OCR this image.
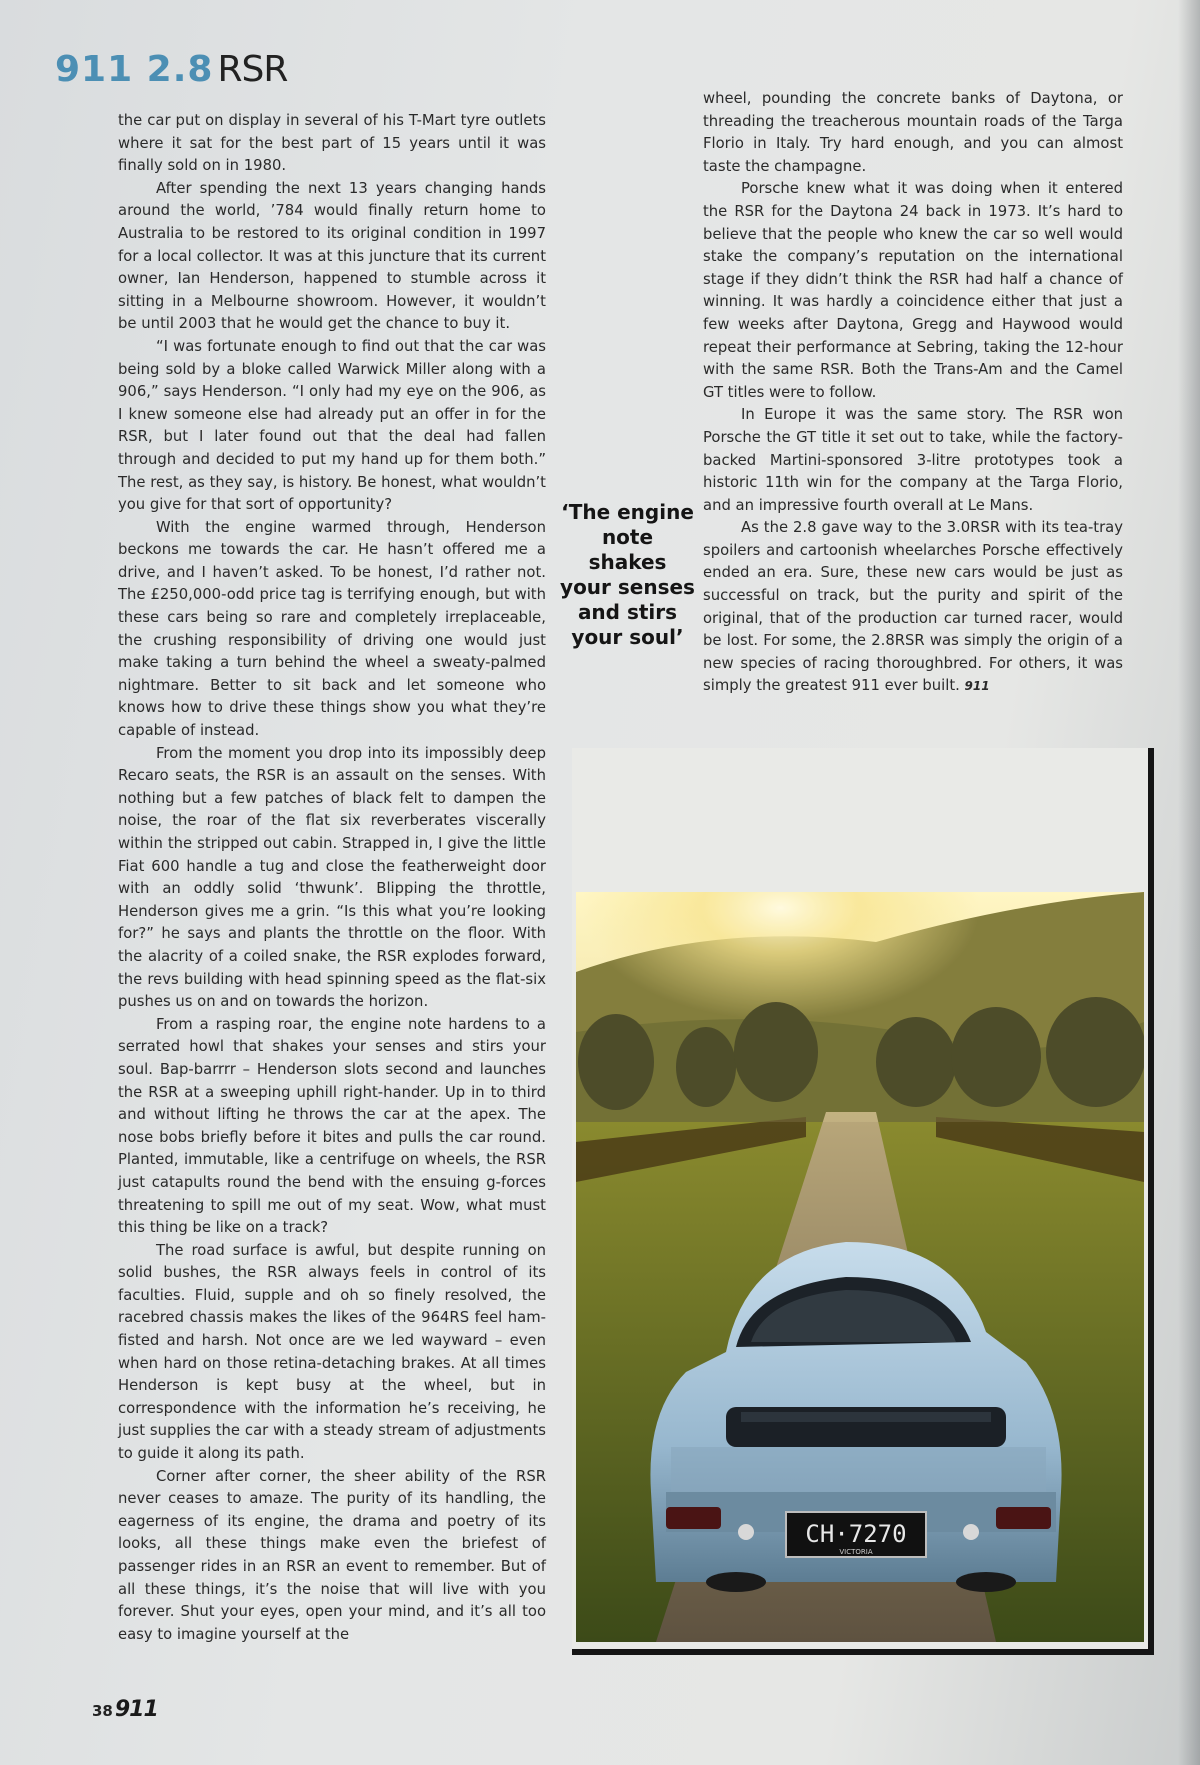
911 2.8 RSR

the car put on display in several of his T-Mart tyre outlets where it sat for the best part of 15 years until it was finally sold on in 1980.

After spending the next 13 years changing hands around the world, ’784 would finally return home to Australia to be restored to its original condition in 1997 for a local collector. It was at this juncture that its current owner, Ian Henderson, happened to stumble across it sitting in a Melbourne showroom. However, it wouldn’t be until 2003 that he would get the chance to buy it.

“I was fortunate enough to find out that the car was being sold by a bloke called Warwick Miller along with a 906,” says Henderson. “I only had my eye on the 906, as I knew someone else had already put an offer in for the RSR, but I later found out that the deal had fallen through and decided to put my hand up for them both.” The rest, as they say, is history. Be honest, what wouldn’t you give for that sort of opportunity?

With the engine warmed through, Henderson beckons me towards the car. He hasn’t offered me a drive, and I haven’t asked. To be honest, I’d rather not. The £250,000-odd price tag is terrifying enough, but with these cars being so rare and completely irreplaceable, the crushing responsibility of driving one would just make taking a turn behind the wheel a sweaty-palmed nightmare. Better to sit back and let someone who knows how to drive these things show you what they’re capable of instead.

From the moment you drop into its impossibly deep Recaro seats, the RSR is an assault on the senses. With nothing but a few patches of black felt to dampen the noise, the roar of the flat six reverberates viscerally within the stripped out cabin. Strapped in, I give the little Fiat 600 handle a tug and close the featherweight door with an oddly solid ‘thwunk’. Blipping the throttle, Henderson gives me a grin. “Is this what you’re looking for?” he says and plants the throttle on the floor. With the alacrity of a coiled snake, the RSR explodes forward, the revs building with head spinning speed as the flat-six pushes us on and on towards the horizon.

From a rasping roar, the engine note hardens to a serrated howl that shakes your senses and stirs your soul. Bap-barrrr – Henderson slots second and launches the RSR at a sweeping uphill right-hander. Up in to third and without lifting he throws the car at the apex. The nose bobs briefly before it bites and pulls the car round. Planted, immutable, like a centrifuge on wheels, the RSR just catapults round the bend with the ensuing g-forces threatening to spill me out of my seat. Wow, what must this thing be like on a track?

The road surface is awful, but despite running on solid bushes, the RSR always feels in control of its faculties. Fluid, supple and oh so finely resolved, the racebred chassis makes the likes of the 964RS feel ham-fisted and harsh. Not once are we led wayward – even when hard on those retina-detaching brakes. At all times Henderson is kept busy at the wheel, but in correspondence with the information he’s receiving, he just supplies the car with a steady stream of adjustments to guide it along its path.

Corner after corner, the sheer ability of the RSR never ceases to amaze. The purity of its handling, the eagerness of its engine, the drama and poetry of its looks, all these things make even the briefest of passenger rides in an RSR an event to remember. But of all these things, it’s the noise that will live with you forever. Shut your eyes, open your mind, and it’s all too easy to imagine yourself at the

‘The engine note shakes your senses and stirs your soul’

wheel, pounding the concrete banks of Daytona, or threading the treacherous mountain roads of the Targa Florio in Italy. Try hard enough, and you can almost taste the champagne.

Porsche knew what it was doing when it entered the RSR for the Daytona 24 back in 1973. It’s hard to believe that the people who knew the car so well would stake the company’s reputation on the international stage if they didn’t think the RSR had half a chance of winning. It was hardly a coincidence either that just a few weeks after Daytona, Gregg and Haywood would repeat their performance at Sebring, taking the 12-hour with the same RSR. Both the Trans-Am and the Camel GT titles were to follow.

In Europe it was the same story. The RSR won Porsche the GT title it set out to take, while the factory-backed Martini-sponsored 3-litre prototypes took a historic 11th win for the company at the Targa Florio, and an impressive fourth overall at Le Mans.

As the 2.8 gave way to the 3.0RSR with its tea-tray spoilers and cartoonish wheelarches Porsche effectively ended an era. Sure, these new cars would be just as successful on track, but the purity and spirit of the original, that of the production car turned racer, would be lost. For some, the 2.8RSR was simply the origin of a new species of racing thoroughbred. For others, it was simply the greatest 911 ever built. 911

CH·7270
VICTORIA
38911
